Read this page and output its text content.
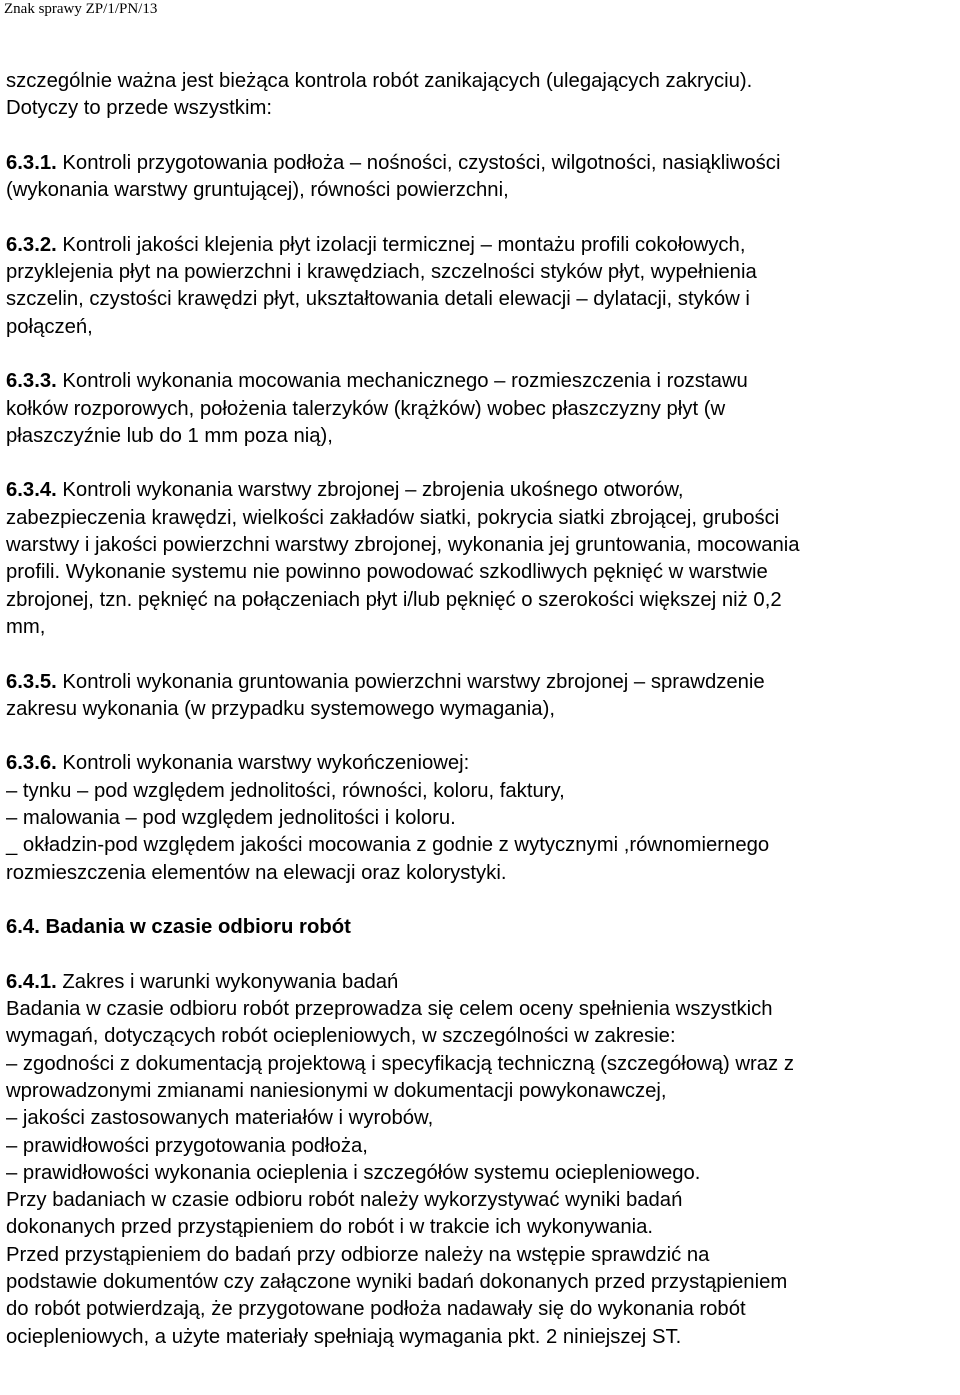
Znak sprawy ZP/1/PN/13
szczególnie ważna jest bieżąca kontrola robót zanikających (ulegających zakryciu).
Dotyczy to przede wszystkim:
6.3.1. Kontroli przygotowania podłoża – nośności, czystości, wilgotności, nasiąkliwości
(wykonania warstwy gruntującej), równości powierzchni,
6.3.2. Kontroli jakości klejenia płyt izolacji termicznej – montażu profili cokołowych,
przyklejenia płyt na powierzchni i krawędziach, szczelności styków płyt, wypełnienia
szczelin, czystości krawędzi płyt, ukształtowania detali elewacji – dylatacji, styków i
połączeń,
6.3.3. Kontroli wykonania mocowania mechanicznego – rozmieszczenia i rozstawu
kołków rozporowych, położenia talerzyków (krążków) wobec płaszczyzny płyt (w
płaszczyźnie lub do 1 mm poza nią),
6.3.4. Kontroli wykonania warstwy zbrojonej – zbrojenia ukośnego otworów,
zabezpieczenia krawędzi, wielkości zakładów siatki, pokrycia siatki zbrojącej, grubości
warstwy i jakości powierzchni warstwy zbrojonej, wykonania jej gruntowania, mocowania
profili. Wykonanie systemu nie powinno powodować szkodliwych pęknięć w warstwie
zbrojonej, tzn. pęknięć na połączeniach płyt i/lub pęknięć o szerokości większej niż 0,2
mm,
6.3.5. Kontroli wykonania gruntowania powierzchni warstwy zbrojonej – sprawdzenie
zakresu wykonania (w przypadku systemowego wymagania),
6.3.6. Kontroli wykonania warstwy wykończeniowej:
– tynku – pod względem jednolitości, równości, koloru, faktury,
– malowania – pod względem jednolitości i koloru.
_ okładzin-pod względem jakości mocowania z godnie z wytycznymi ,równomiernego
rozmieszczenia elementów na elewacji oraz kolorystyki.
6.4. Badania w czasie odbioru robót
6.4.1. Zakres i warunki wykonywania badań
Badania w czasie odbioru robót przeprowadza się celem oceny spełnienia wszystkich
wymagań, dotyczących robót ociepleniowych, w szczególności w zakresie:
– zgodności z dokumentacją projektową i specyfikacją techniczną (szczegółową) wraz z
wprowadzonymi zmianami naniesionymi w dokumentacji powykonawczej,
– jakości zastosowanych materiałów i wyrobów,
– prawidłowości przygotowania podłoża,
– prawidłowości wykonania ocieplenia i szczegółów systemu ociepleniowego.
Przy badaniach w czasie odbioru robót należy wykorzystywać wyniki badań
dokonanych przed przystąpieniem do robót i w trakcie ich wykonywania.
Przed przystąpieniem do badań przy odbiorze należy na wstępie sprawdzić na
podstawie dokumentów czy załączone wyniki badań dokonanych przed przystąpieniem
do robót potwierdzają, że przygotowane podłoża nadawały się do wykonania robót
ociepleniowych, a użyte materiały spełniają wymagania pkt. 2 niniejszej ST.
